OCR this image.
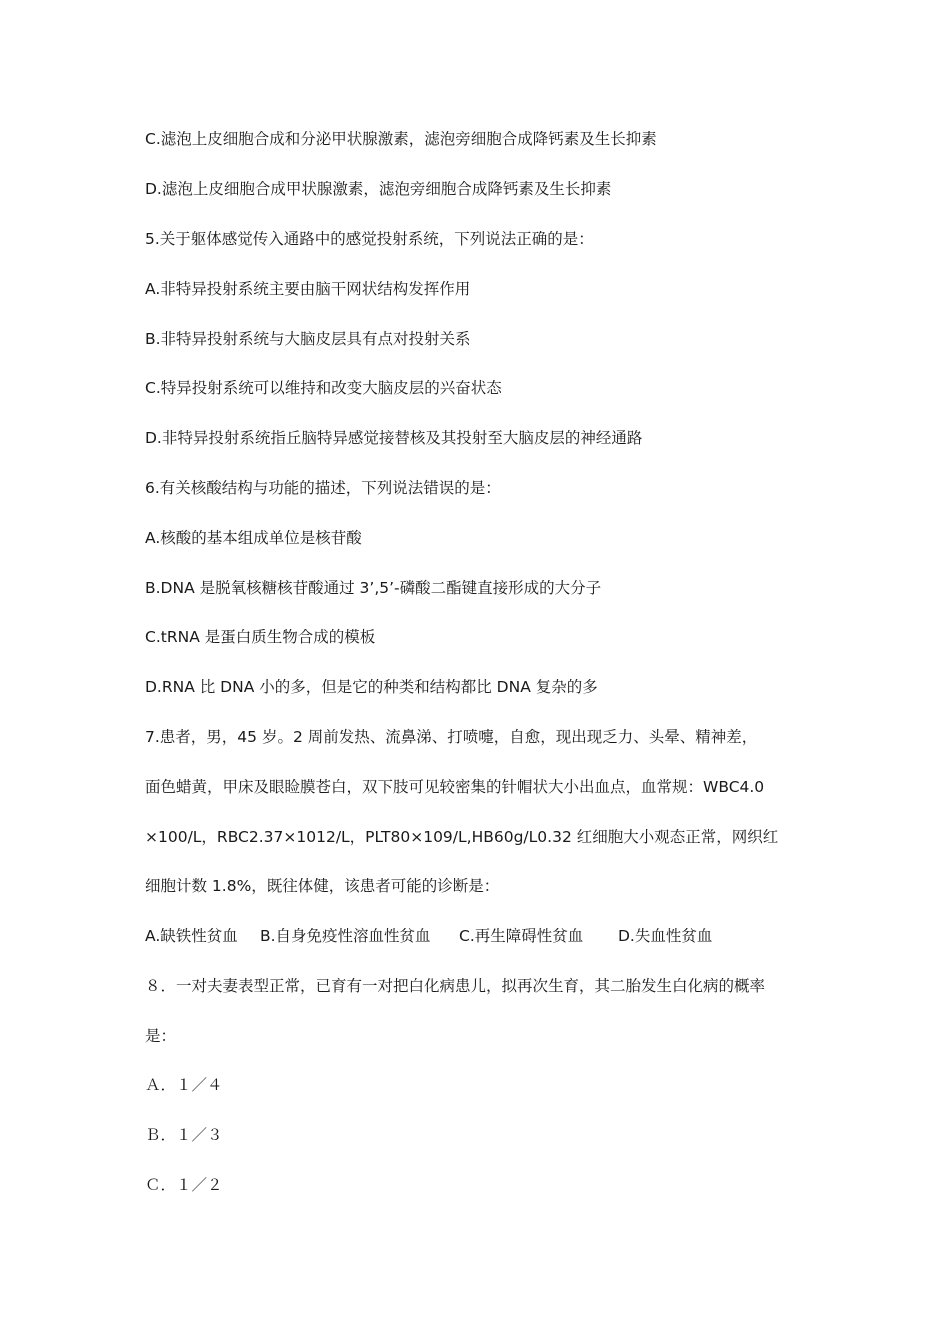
C.滤泡上皮细胞合成和分泌甲状腺激素，滤泡旁细胞合成降钙素及生长抑素
D.滤泡上皮细胞合成甲状腺激素，滤泡旁细胞合成降钙素及生长抑素
5.关于躯体感觉传入通路中的感觉投射系统，下列说法正确的是：
A.非特异投射系统主要由脑干网状结构发挥作用
B.非特异投射系统与大脑皮层具有点对投射关系
C.特异投射系统可以维持和改变大脑皮层的兴奋状态
D.非特异投射系统指丘脑特异感觉接替核及其投射至大脑皮层的神经通路
6.有关核酸结构与功能的描述，下列说法错误的是：
A.核酸的基本组成单位是核苷酸
B.DNA 是脱氧核糖核苷酸通过 3’,5’-磷酸二酯键直接形成的大分子
C.tRNA 是蛋白质生物合成的模板
D.RNA 比 DNA 小的多，但是它的种类和结构都比 DNA 复杂的多
7.患者，男，45 岁。2 周前发热、流鼻涕、打喷嚏，自愈，现出现乏力、头晕、精神差，
面色蜡黄，甲床及眼睑膜苍白，双下肢可见较密集的针帽状大小出血点，血常规：WBC4.0
×100/L，RBC2.37×1012/L，PLT80×109/L,HB60g/L0.32 红细胞大小观态正常，网织红
细胞计数 1.8%，既往体健，该患者可能的诊断是：
A.缺铁性贫血 B.自身免疫性溶血性贫血 C.再生障碍性贫血 D.失血性贫血
８．一对夫妻表型正常，已育有一对把白化病患儿，拟再次生育，其二胎发生白化病的概率
是：
Ａ．１／４
Ｂ．１／３
Ｃ．１／２
